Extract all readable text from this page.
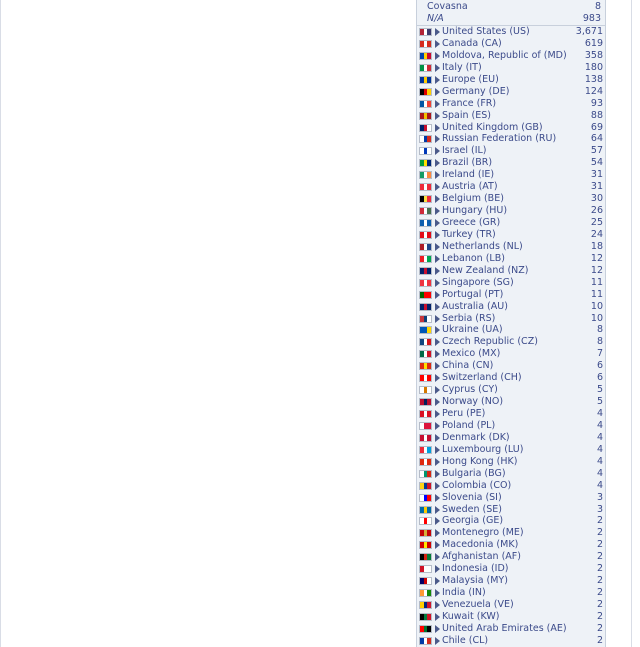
Covasna	8
N/A	983
United States (US)	3,671
Canada (CA)	619
Moldova, Republic of (MD) 358
Italy (IT)	180
Europe (EU)	138
Germany (DE)	124
France (FR)	93
Spain (ES)	88
United Kingdom (GB)	69
Russian Federation (RU)	64
Israel (IL)	57
Brazil (BR)	54
Ireland (IE)	31
Austria (AT)	31
Belgium (BE)	30
Hungary (HU)	26
Greece (GR)	25
Turkey (TR)	24
Netherlands (NL)	18
Lebanon (LB)	12
New Zealand (NZ)	12
Singapore (SG)	11
Portugal (PT)	11
Australia (AU)	10
Serbia (RS)	10
Ukraine (UA)	8
Czech Republic (CZ)	8
Mexico (MX)	7
China (CN)	6
Switzerland (CH)	6
Cyprus (CY)	5
Norway (NO)	5
Peru (PE)	4
Poland (PL)	4
Denmark (DK)	4
Luxembourg (LU)	4
Hong Kong (HK)	4
Bulgaria (BG)	4
Colombia (CO)	4
Slovenia (SI)	3
Sweden (SE)	3
Georgia (GE)	2
Montenegro (ME)	2
Macedonia (MK)	2
Afghanistan (AF)	2
Indonesia (ID)	2
Malaysia (MY)	2
India (IN)	2
Venezuela (VE)	2
Kuwait (KW)	2
United Arab Emirates (AE)	2
Chile (CL)	2
